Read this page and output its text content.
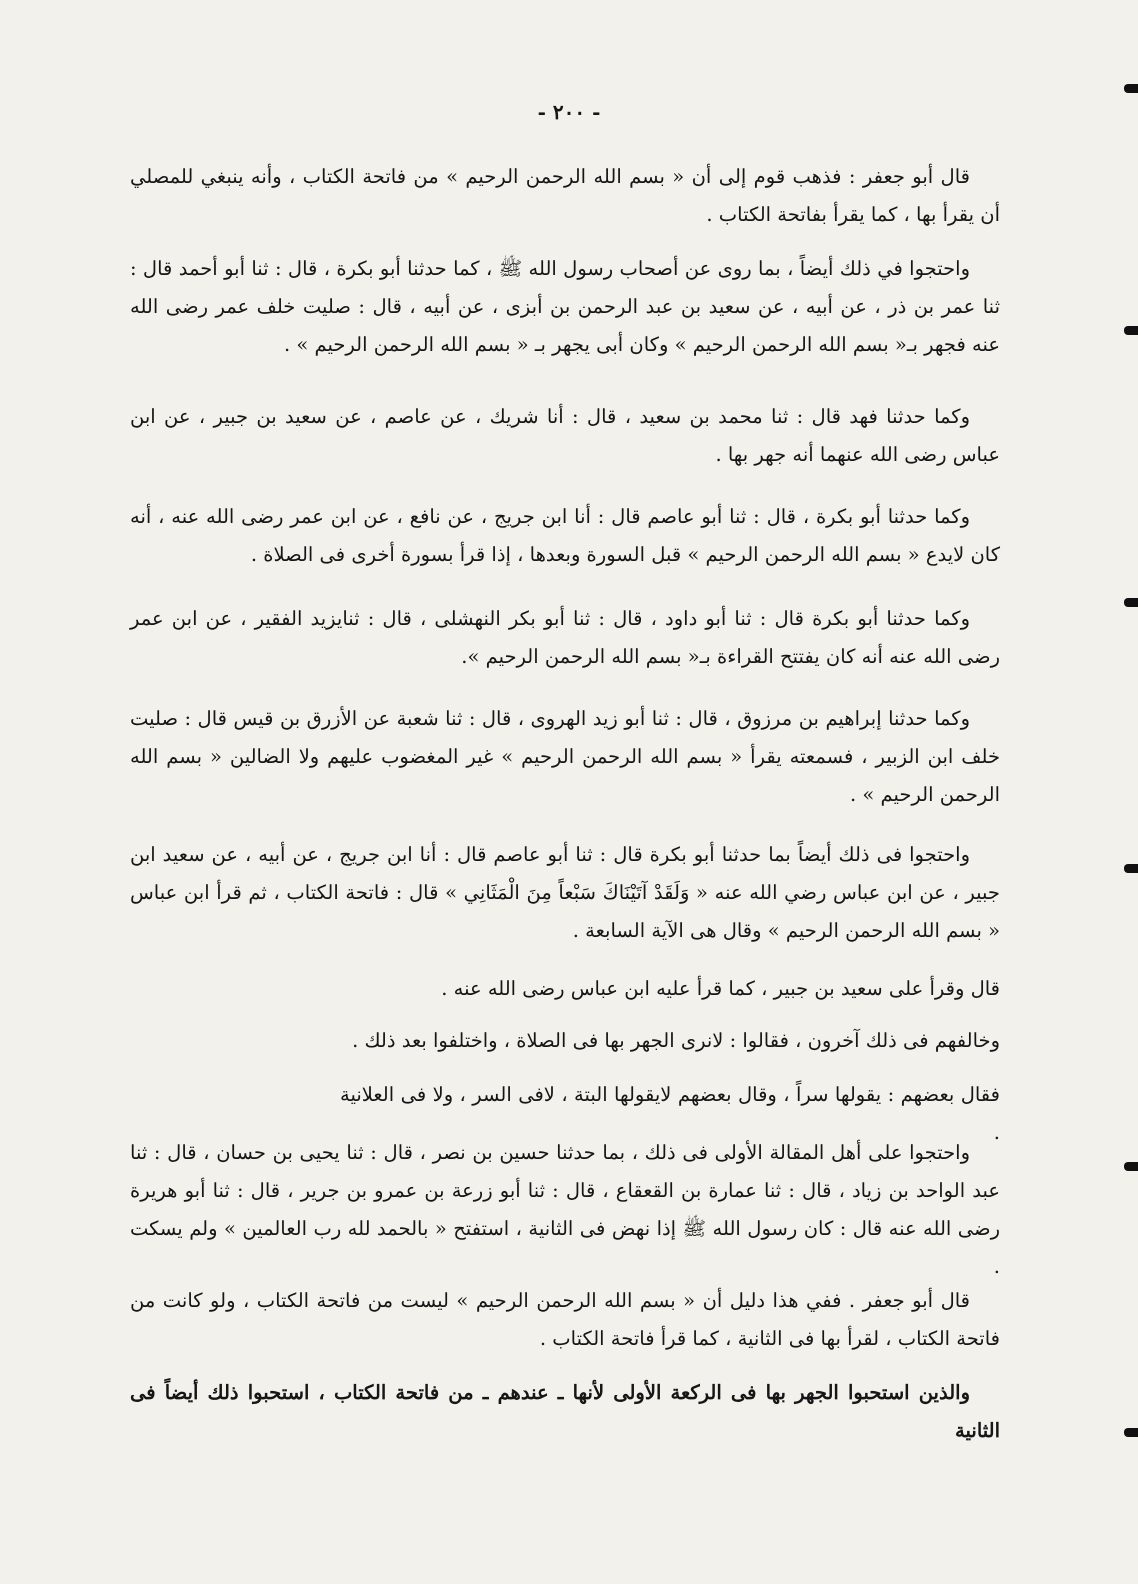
- ٢٠٠ -
قال أبو جعفر : فذهب قوم إلى أن « بسم الله الرحمن الرحيم » من فاتحة الكتاب ، وأنه ينبغي للمصلي أن يقرأ بها ، كما يقرأ بفاتحة الكتاب .
واحتجوا في ذلك أيضاً ، بما روى عن أصحاب رسول الله ﷺ ، كما حدثنا أبو بكرة ، قال : ثنا أبو أحمد قال : ثنا عمر بن ذر ، عن أبيه ، عن سعيد بن عبد الرحمن بن أبزى ، عن أبيه ، قال : صليت خلف عمر رضى الله عنه فجهر بـ« بسم الله الرحمن الرحيم » وكان أبى يجهر بـ « بسم الله الرحمن الرحيم » .
وكما حدثنا فهد قال : ثنا محمد بن سعيد ، قال : أنا شريك ، عن عاصم ، عن سعيد بن جبير ، عن ابن عباس رضى الله عنهما أنه جهر بها .
وكما حدثنا أبو بكرة ، قال : ثنا أبو عاصم قال : أنا ابن جريج ، عن نافع ، عن ابن عمر رضى الله عنه ، أنه كان لايدع « بسم الله الرحمن الرحيم » قبل السورة وبعدها ، إذا قرأ بسورة أخرى فى الصلاة .
وكما حدثنا أبو بكرة قال : ثنا أبو داود ، قال : ثنا أبو بكر النهشلى ، قال : ثنايزيد الفقير ، عن ابن عمر رضى الله عنه أنه كان يفتتح القراءة بـ« بسم الله الرحمن الرحيم ».
وكما حدثنا إبراهيم بن مرزوق ، قال : ثنا أبو زيد الهروى ، قال : ثنا شعبة عن الأزرق بن قيس قال : صليت خلف ابن الزبير ، فسمعته يقرأ « بسم الله الرحمن الرحيم » غير المغضوب عليهم ولا الضالين « بسم الله الرحمن الرحيم » .
واحتجوا فى ذلك أيضاً بما حدثنا أبو بكرة قال : ثنا أبو عاصم قال : أنا ابن جريج ، عن أبيه ، عن سعيد ابن جبير ، عن ابن عباس رضي الله عنه « وَلَقَدْ آتَيْنَاكَ سَبْعاً مِنَ الْمَثَانِي » قال : فاتحة الكتاب ، ثم قرأ ابن عباس « بسم الله الرحمن الرحيم » وقال هى الآية السابعة .
قال وقرأ على سعيد بن جبير ، كما قرأ عليه ابن عباس رضى الله عنه .
وخالفهم فى ذلك آخرون ، فقالوا : لانرى الجهر بها فى الصلاة ، واختلفوا بعد ذلك .
فقال بعضهم : يقولها سراً ، وقال بعضهم لايقولها البتة ، لافى السر ، ولا فى العلانية .
واحتجوا على أهل المقالة الأولى فى ذلك ، بما حدثنا حسين بن نصر ، قال : ثنا يحيى بن حسان ، قال : ثنا عبد الواحد بن زياد ، قال : ثنا عمارة بن القعقاع ، قال : ثنا أبو زرعة بن عمرو بن جرير ، قال : ثنا أبو هريرة رضى الله عنه قال : كان رسول الله ﷺ إذا نهض فى الثانية ، استفتح « بالحمد لله رب العالمين » ولم يسكت .
قال أبو جعفر . ففي هذا دليل أن « بسم الله الرحمن الرحيم » ليست من فاتحة الكتاب ، ولو كانت من فاتحة الكتاب ، لقرأ بها فى الثانية ، كما قرأ فاتحة الكتاب .
والذين استحبوا الجهر بها فى الركعة الأولى لأنها ـ عندهم ـ من فاتحة الكتاب ، استحبوا ذلك أيضاً فى الثانية
